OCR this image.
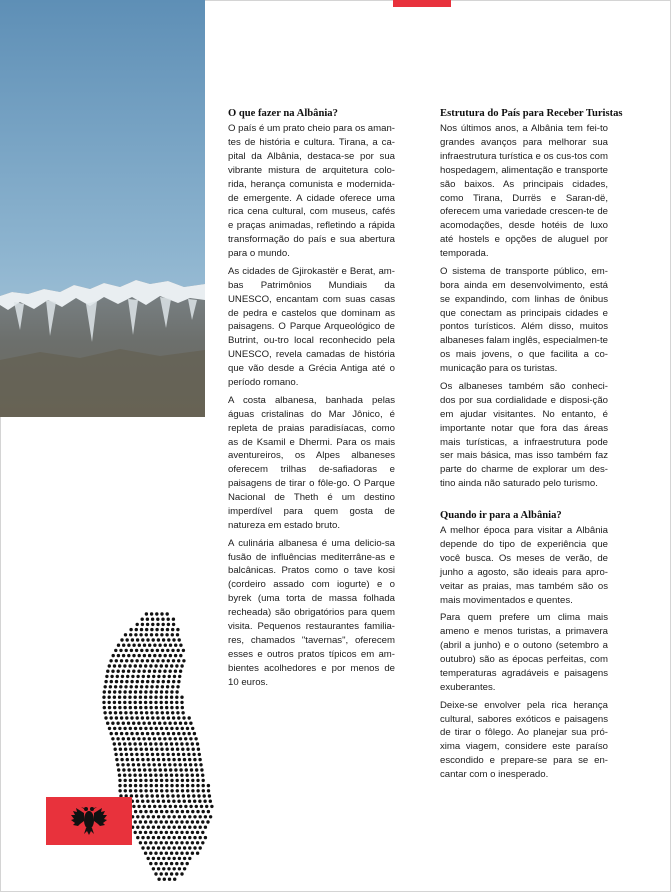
O que fazer na Albânia?

O país é um prato cheio para os aman-tes de história e cultura. Tirana, a ca-pital da Albânia, destaca-se por sua vibrante mistura de arquitetura colo-rida, herança comunista e modernida-de emergente. A cidade oferece uma rica cena cultural, com museus, cafés e praças animadas, refletindo a rápida transformação do país e sua abertura para o mundo.

As cidades de Gjirokastër e Berat, am-bas Patrimônios Mundiais da UNESCO, encantam com suas casas de pedra e castelos que dominam as paisagens. O Parque Arqueológico de Butrint, ou-tro local reconhecido pela UNESCO, revela camadas de história que vão desde a Grécia Antiga até o período romano.

A costa albanesa, banhada pelas águas cristalinas do Mar Jônico, é repleta de praias paradisíacas, como as de Ksamil e Dhermi. Para os mais aventureiros, os Alpes albaneses oferecem trilhas de-safiadoras e paisagens de tirar o fôle-go. O Parque Nacional de Theth é um destino imperdível para quem gosta de natureza em estado bruto.

A culinária albanesa é uma delicio-sa fusão de influências mediterrâne-as e balcânicas. Pratos como o tave kosi (cordeiro assado com iogurte) e o byrek (uma torta de massa folhada recheada) são obrigatórios para quem visita. Pequenos restaurantes familia-res, chamados "tavernas", oferecem esses e outros pratos típicos em am-bientes acolhedores e por menos de 10 euros.

Estrutura do País para Receber Turistas

Nos últimos anos, a Albânia tem fei-to grandes avanços para melhorar sua infraestrutura turística e os cus-tos com hospedagem, alimentação e transporte são baixos. As principais cidades, como Tirana, Durrës e Saran-dë, oferecem uma variedade crescen-te de acomodações, desde hotéis de luxo até hostels e opções de aluguel por temporada.

O sistema de transporte público, em-bora ainda em desenvolvimento, está se expandindo, com linhas de ônibus que conectam as principais cidades e pontos turísticos. Além disso, muitos albaneses falam inglês, especialmen-te os mais jovens, o que facilita a co-municação para os turistas.

Os albaneses também são conheci-dos por sua cordialidade e disposi-ção em ajudar visitantes. No entanto, é importante notar que fora das áreas mais turísticas, a infraestrutura pode ser mais básica, mas isso também faz parte do charme de explorar um des-tino ainda não saturado pelo turismo.

Quando ir para a Albânia?

A melhor época para visitar a Albânia depende do tipo de experiência que você busca. Os meses de verão, de junho a agosto, são ideais para apro-veitar as praias, mas também são os mais movimentados e quentes.

Para quem prefere um clima mais ameno e menos turistas, a primavera (abril a junho) e o outono (setembro a outubro) são as épocas perfeitas, com temperaturas agradáveis e paisagens exuberantes.

Deixe-se envolver pela rica herança cultural, sabores exóticos e paisagens de tirar o fôlego. Ao planejar sua pró-xima viagem, considere este paraíso escondido e prepare-se para se en-cantar com o inesperado.
